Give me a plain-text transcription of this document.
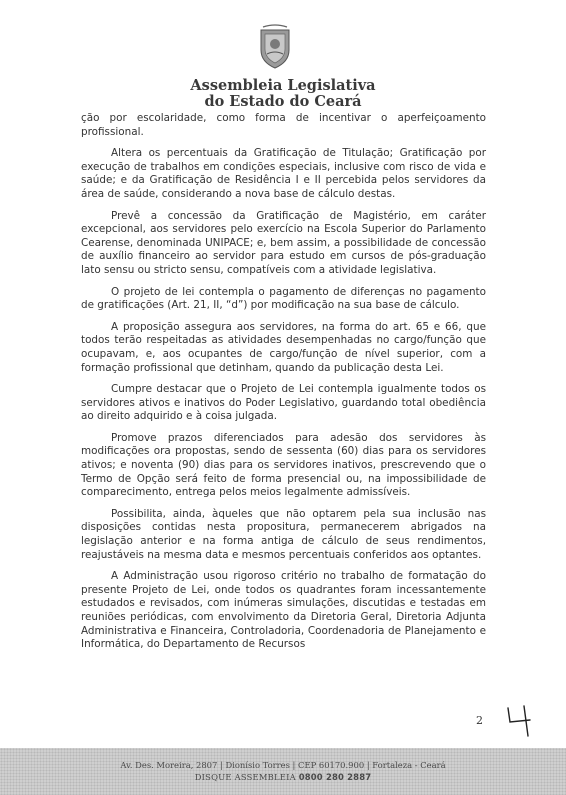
Assembleia Legislativa
do Estado do Ceará

ção por escolaridade, como forma de incentivar o aperfeiçoamento profissional.

Altera os percentuais da Gratificação de Titulação; Gratificação por execução de trabalhos em condições especiais, inclusive com risco de vida e saúde; e da Gratificação de Residência I e II percebida pelos servidores da área de saúde, considerando a nova base de cálculo destas.

Prevê a concessão da Gratificação de Magistério, em caráter excepcional, aos servidores pelo exercício na Escola Superior do Parlamento Cearense, denominada UNIPACE; e, bem assim, a possibilidade de concessão de auxílio financeiro ao servidor para estudo em cursos de pós-graduação lato sensu ou stricto sensu, compatíveis com a atividade legislativa.

O projeto de lei contempla o pagamento de diferenças no pagamento de gratificações (Art. 21, II, “d”) por modificação na sua base de cálculo.

A proposição assegura aos servidores, na forma do art. 65 e 66, que todos terão respeitadas as atividades desempenhadas no cargo/função que ocupavam, e, aos ocupantes de cargo/função de nível superior, com a formação profissional que detinham, quando da publicação desta Lei.

Cumpre destacar que o Projeto de Lei contempla igualmente todos os servidores ativos e inativos do Poder Legislativo, guardando total obediência ao direito adquirido e à coisa julgada.

Promove prazos diferenciados para adesão dos servidores às modificações ora propostas, sendo de sessenta (60) dias para os servidores ativos; e noventa (90) dias para os servidores inativos, prescrevendo que o Termo de Opção será feito de forma presencial ou, na impossibilidade de comparecimento, entrega pelos meios legalmente admissíveis.

Possibilita, ainda, àqueles que não optarem pela sua inclusão nas disposições contidas nesta propositura, permanecerem abrigados na legislação anterior e na forma antiga de cálculo de seus rendimentos, reajustáveis na mesma data e mesmos percentuais conferidos aos optantes.

A Administração usou rigoroso critério no trabalho de formatação do presente Projeto de Lei, onde todos os quadrantes foram incessantemente estudados e revisados, com inúmeras simulações, discutidas e testadas em reuniões periódicas, com envolvimento da Diretoria Geral, Diretoria Adjunta Administrativa e Financeira, Controladoria, Coordenadoria de Planejamento e Informática, do Departamento de Recursos

2
Av. Des. Moreira, 2807 | Dionísio Torres | CEP 60170.900 | Fortaleza - Ceará
DISQUE ASSEMBLEIA 0800 280 2887
